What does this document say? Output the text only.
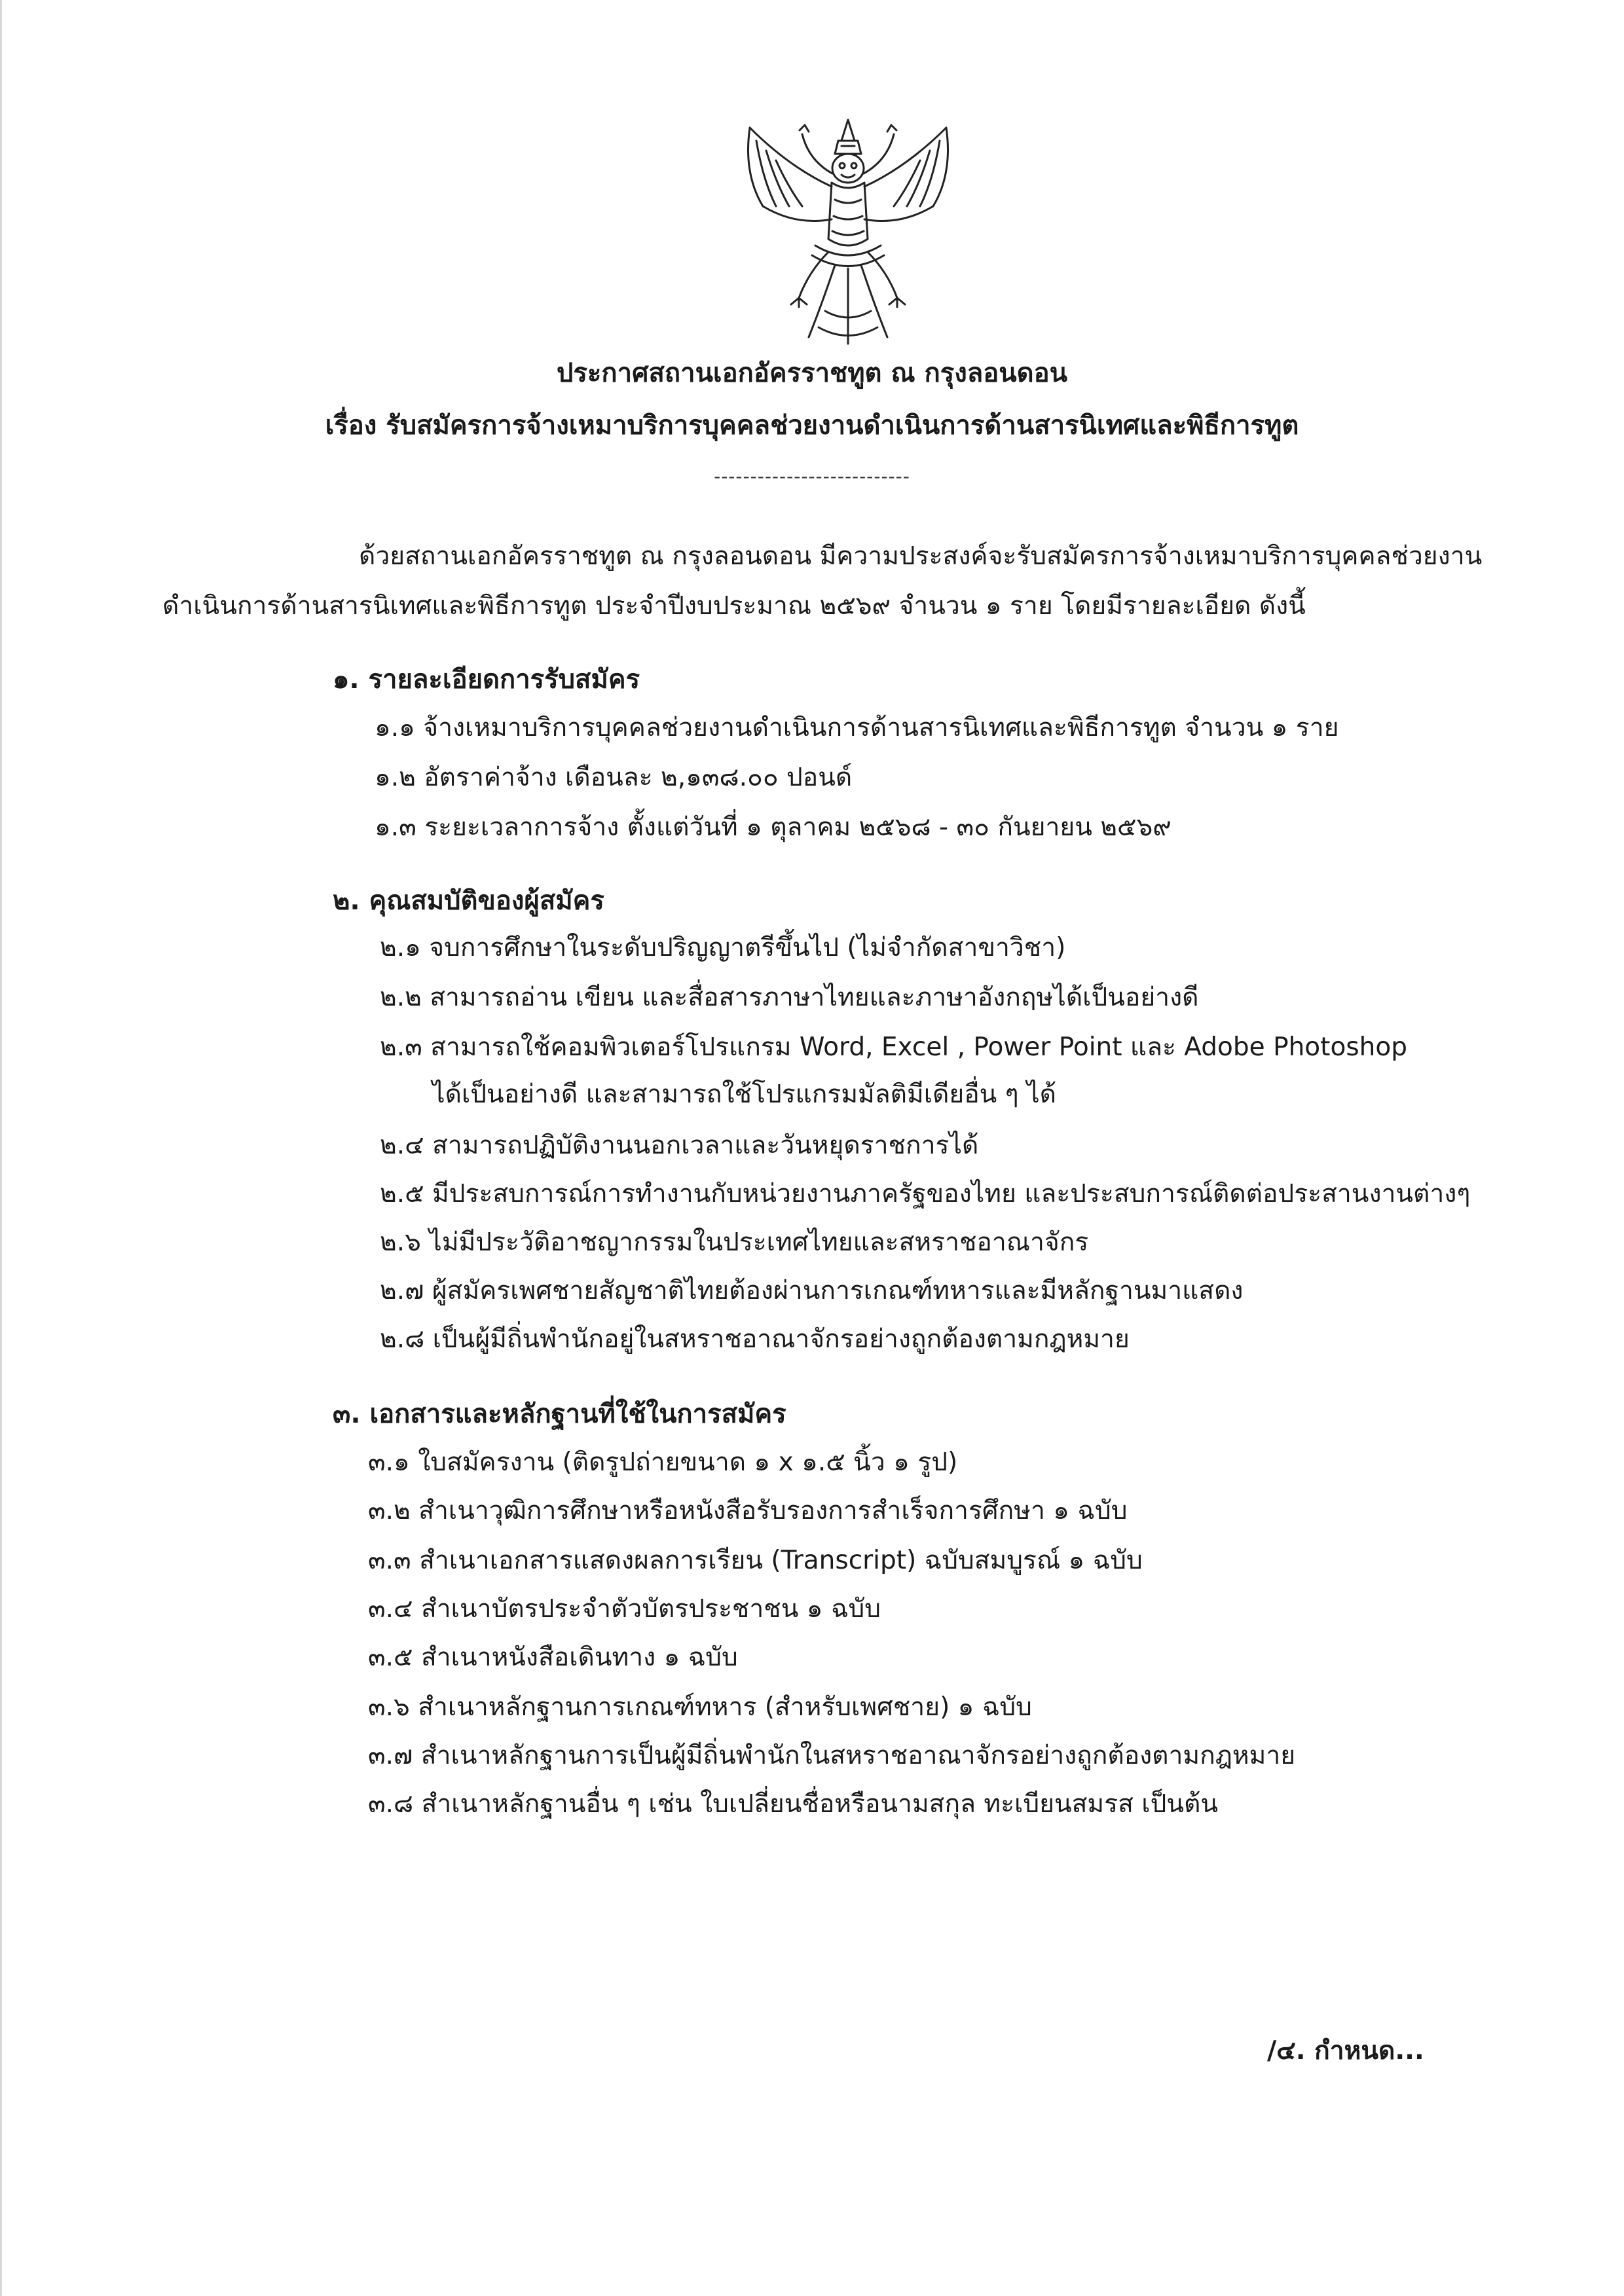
ประกาศสถานเอกอัครราชทูต ณ กรุงลอนดอน
เรื่อง รับสมัครการจ้างเหมาบริการบุคคลช่วยงานดำเนินการด้านสารนิเทศและพิธีการทูต
---------------------------
ด้วยสถานเอกอัครราชทูต ณ กรุงลอนดอน มีความประสงค์จะรับสมัครการจ้างเหมาบริการบุคคลช่วยงาน
ดำเนินการด้านสารนิเทศและพิธีการทูต ประจำปีงบประมาณ ๒๕๖๙ จำนวน ๑ ราย โดยมีรายละเอียด ดังนี้
๑. รายละเอียดการรับสมัคร
๑.๑ จ้างเหมาบริการบุคคลช่วยงานดำเนินการด้านสารนิเทศและพิธีการทูต จำนวน ๑ ราย
๑.๒ อัตราค่าจ้าง เดือนละ ๒,๑๓๘.๐๐ ปอนด์
๑.๓ ระยะเวลาการจ้าง ตั้งแต่วันที่ ๑ ตุลาคม ๒๕๖๘ - ๓๐ กันยายน ๒๕๖๙
๒. คุณสมบัติของผู้สมัคร
๒.๑ จบการศึกษาในระดับปริญญาตรีขึ้นไป (ไม่จำกัดสาขาวิชา)
๒.๒ สามารถอ่าน เขียน และสื่อสารภาษาไทยและภาษาอังกฤษได้เป็นอย่างดี
๒.๓ สามารถใช้คอมพิวเตอร์โปรแกรม Word, Excel , Power Point และ Adobe Photoshop
ได้เป็นอย่างดี และสามารถใช้โปรแกรมมัลติมีเดียอื่น ๆ ได้
๒.๔ สามารถปฏิบัติงานนอกเวลาและวันหยุดราชการได้
๒.๕ มีประสบการณ์การทำงานกับหน่วยงานภาครัฐของไทย และประสบการณ์ติดต่อประสานงานต่างๆ
๒.๖ ไม่มีประวัติอาชญากรรมในประเทศไทยและสหราชอาณาจักร
๒.๗ ผู้สมัครเพศชายสัญชาติไทยต้องผ่านการเกณฑ์ทหารและมีหลักฐานมาแสดง
๒.๘ เป็นผู้มีถิ่นพำนักอยู่ในสหราชอาณาจักรอย่างถูกต้องตามกฎหมาย
๓. เอกสารและหลักฐานที่ใช้ในการสมัคร
๓.๑ ใบสมัครงาน (ติดรูปถ่ายขนาด ๑ x ๑.๕ นิ้ว ๑ รูป)
๓.๒ สำเนาวุฒิการศึกษาหรือหนังสือรับรองการสำเร็จการศึกษา ๑ ฉบับ
๓.๓ สำเนาเอกสารแสดงผลการเรียน (Transcript) ฉบับสมบูรณ์ ๑ ฉบับ
๓.๔ สำเนาบัตรประจำตัวบัตรประชาชน ๑ ฉบับ
๓.๕ สำเนาหนังสือเดินทาง ๑ ฉบับ
๓.๖ สำเนาหลักฐานการเกณฑ์ทหาร (สำหรับเพศชาย) ๑ ฉบับ
๓.๗ สำเนาหลักฐานการเป็นผู้มีถิ่นพำนักในสหราชอาณาจักรอย่างถูกต้องตามกฎหมาย
๓.๘ สำเนาหลักฐานอื่น ๆ เช่น ใบเปลี่ยนชื่อหรือนามสกุล ทะเบียนสมรส เป็นต้น
/๔. กำหนด...
